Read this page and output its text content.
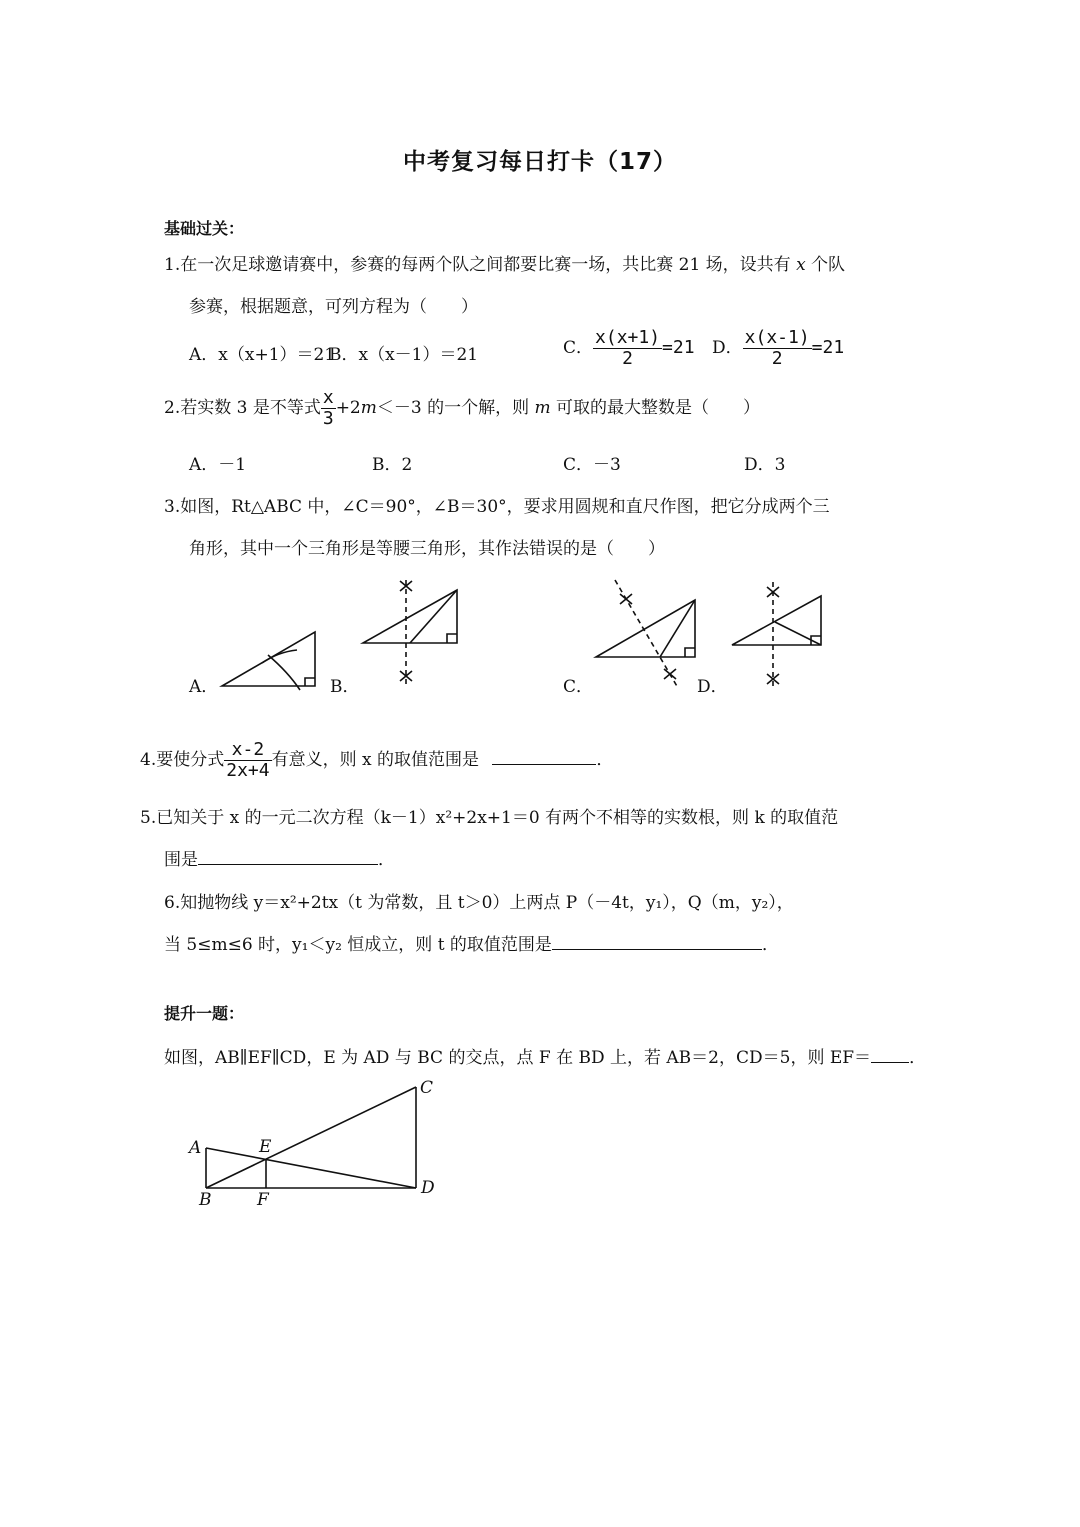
中考复习每日打卡（17）
基础过关：
1.在一次足球邀请赛中，参赛的每两个队之间都要比赛一场，共比赛 21 场，设共有 x 个队
参赛，根据题意，可列方程为（　　）
A．x（x+1）＝21
B．x（x－1）＝21	C． $\frac{x(x+1)}{2} =21$ D． $\frac{x(x-1)}{2} =21$
2.若实数 3 是不等式 $\frac{x}{3} +2m<-3$ 的一个解，则 m 可取的最大整数是（　　）
A．－1	B．2	C．－3	D．3
3.如图，Rt△ABC 中，∠C＝90°，∠B＝30°，要求用圆规和直尺作图，把它分成两个三
角形，其中一个三角形是等腰三角形，其作法错误的是（　　）
A．	B．	C．	D．
4.要使分式 $\frac{x-2}{2x+4}$ 有意义，则 x 的取值范围是	．
5.已知关于 x 的一元二次方程（k－1）x²+2x+1＝0 有两个不相等的实数根，则 k 的取值范
围是	．
6.知抛物线 y＝x²+2tx（t 为常数，且 t＞0）上两点 P（－4t，y₁），Q（m，y₂），
当 5≤m≤6 时，y₁＜y₂ 恒成立，则 t 的取值范围是	．
提升一题：
如图，AB∥EF∥CD，E 为 AD 与 BC 的交点，点 F 在 BD 上，若 AB＝2，CD＝5，则 EF＝ ．
A
B
C
D
E
F
